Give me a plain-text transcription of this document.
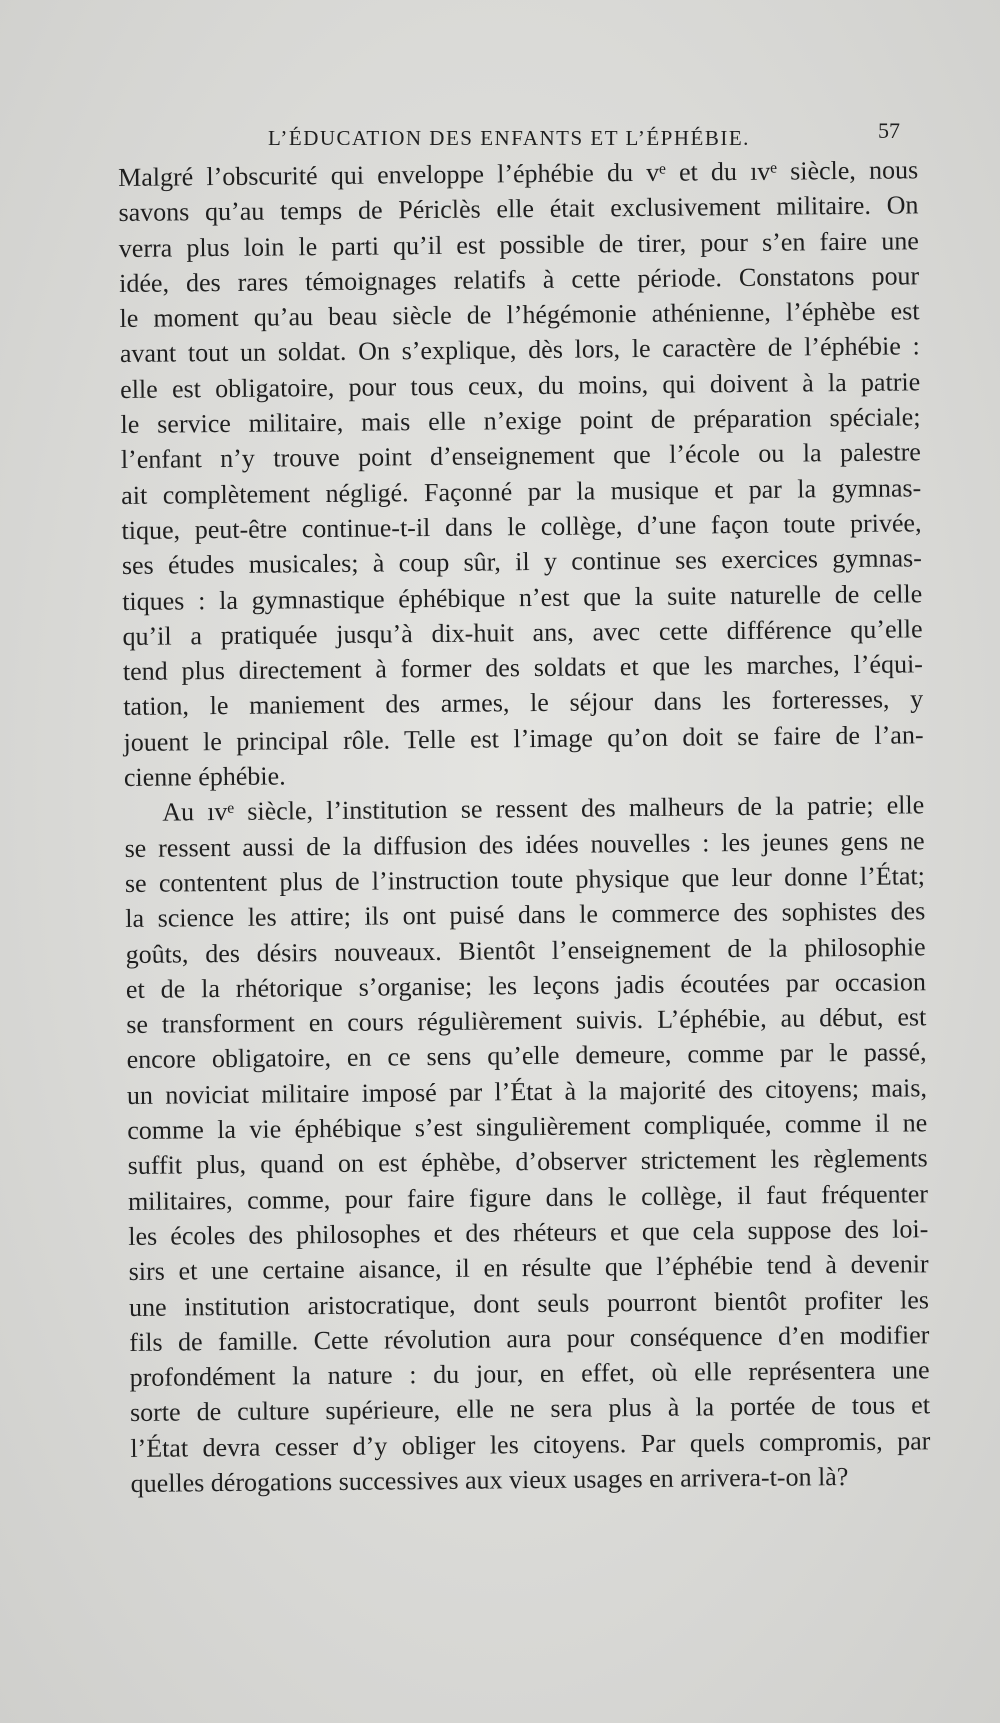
L’ÉDUCATION DES ENFANTS ET L’ÉPHÉBIE.	57

Malgré l’obscurité qui enveloppe l’éphébie du vᵉ et du ıvᵉ siècle, nous
savons qu’au temps de Périclès elle était exclusivement militaire. On
verra plus loin le parti qu’il est possible de tirer, pour s’en faire une
idée, des rares témoignages relatifs à cette période. Constatons pour
le moment qu’au beau siècle de l’hégémonie athénienne, l’éphèbe est
avant tout un soldat. On s’explique, dès lors, le caractère de l’éphébie :
elle est obligatoire, pour tous ceux, du moins, qui doivent à la patrie
le service militaire, mais elle n’exige point de préparation spéciale;
l’enfant n’y trouve point d’enseignement que l’école ou la palestre
ait complètement négligé. Façonné par la musique et par la gymnas-
tique, peut-être continue-t-il dans le collège, d’une façon toute privée,
ses études musicales; à coup sûr, il y continue ses exercices gymnas-
tiques : la gymnastique éphébique n’est que la suite naturelle de celle
qu’il a pratiquée jusqu’à dix-huit ans, avec cette différence qu’elle
tend plus directement à former des soldats et que les marches, l’équi-
tation, le maniement des armes, le séjour dans les forteresses, y
jouent le principal rôle. Telle est l’image qu’on doit se faire de l’an-
cienne éphébie.

Au ıvᵉ siècle, l’institution se ressent des malheurs de la patrie; elle
se ressent aussi de la diffusion des idées nouvelles : les jeunes gens ne
se contentent plus de l’instruction toute physique que leur donne l’État;
la science les attire; ils ont puisé dans le commerce des sophistes des
goûts, des désirs nouveaux. Bientôt l’enseignement de la philosophie
et de la rhétorique s’organise; les leçons jadis écoutées par occasion
se transforment en cours régulièrement suivis. L’éphébie, au début, est
encore obligatoire, en ce sens qu’elle demeure, comme par le passé,
un noviciat militaire imposé par l’État à la majorité des citoyens; mais,
comme la vie éphébique s’est singulièrement compliquée, comme il ne
suffit plus, quand on est éphèbe, d’observer strictement les règlements
militaires, comme, pour faire figure dans le collège, il faut fréquenter
les écoles des philosophes et des rhéteurs et que cela suppose des loi-
sirs et une certaine aisance, il en résulte que l’éphébie tend à devenir
une institution aristocratique, dont seuls pourront bientôt profiter les
fils de famille. Cette révolution aura pour conséquence d’en modifier
profondément la nature : du jour, en effet, où elle représentera une
sorte de culture supérieure, elle ne sera plus à la portée de tous et
l’État devra cesser d’y obliger les citoyens. Par quels compromis, par
quelles dérogations successives aux vieux usages en arrivera-t-on là?
